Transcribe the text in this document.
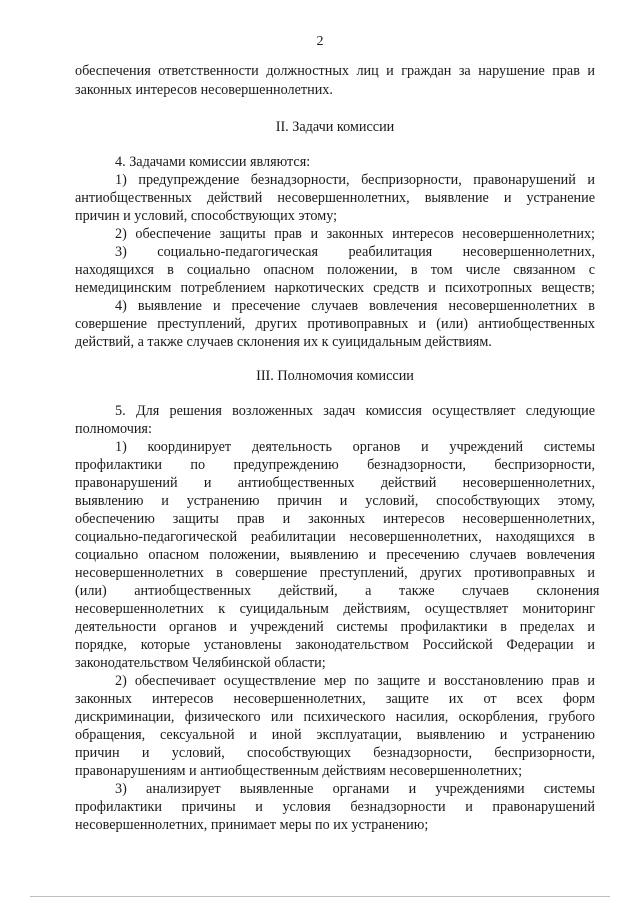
2
обеспечения ответственности должностных лиц и граждан за нарушение прав и
законных интересов несовершеннолетних.
II. Задачи комиссии
4. Задачами комиссии являются:
1) предупреждение безнадзорности, беспризорности, правонарушений и
антиобщественных действий несовершеннолетних, выявление и устранение
причин и условий, способствующих этому;
2) обеспечение защиты прав и законных интересов несовершеннолетних;
3) социально-педагогическая реабилитация несовершеннолетних,
находящихся в социально опасном положении, в том числе связанном с
немедицинским потреблением наркотических средств и психотропных веществ;
4) выявление и пресечение случаев вовлечения несовершеннолетних в
совершение преступлений, других противоправных и (или) антиобщественных
действий, а также случаев склонения их к суицидальным действиям.
III. Полномочия комиссии
5. Для решения возложенных задач комиссия осуществляет следующие
полномочия:
1) координирует деятельность органов и учреждений системы
профилактики по предупреждению безнадзорности, беспризорности,
правонарушений и антиобщественных действий несовершеннолетних,
выявлению и устранению причин и условий, способствующих этому,
обеспечению защиты прав и законных интересов несовершеннолетних,
социально-педагогической реабилитации несовершеннолетних, находящихся в
социально опасном положении, выявлению и пресечению случаев вовлечения
несовершеннолетних в совершение преступлений, других противоправных и
(или) антиобщественных действий, а также случаев склонения
несовершеннолетних к суицидальным действиям, осуществляет мониторинг
деятельности органов и учреждений системы профилактики в пределах и
порядке, которые установлены законодательством Российской Федерации и
законодательством Челябинской области;
2) обеспечивает осуществление мер по защите и восстановлению прав и
законных интересов несовершеннолетних, защите их от всех форм
дискриминации, физического или психического насилия, оскорбления, грубого
обращения, сексуальной и иной эксплуатации, выявлению и устранению
причин и условий, способствующих безнадзорности, беспризорности,
правонарушениям и антиобщественным действиям несовершеннолетних;
3) анализирует выявленные органами и учреждениями системы
профилактики причины и условия безнадзорности и правонарушений
несовершеннолетних, принимает меры по их устранению;
